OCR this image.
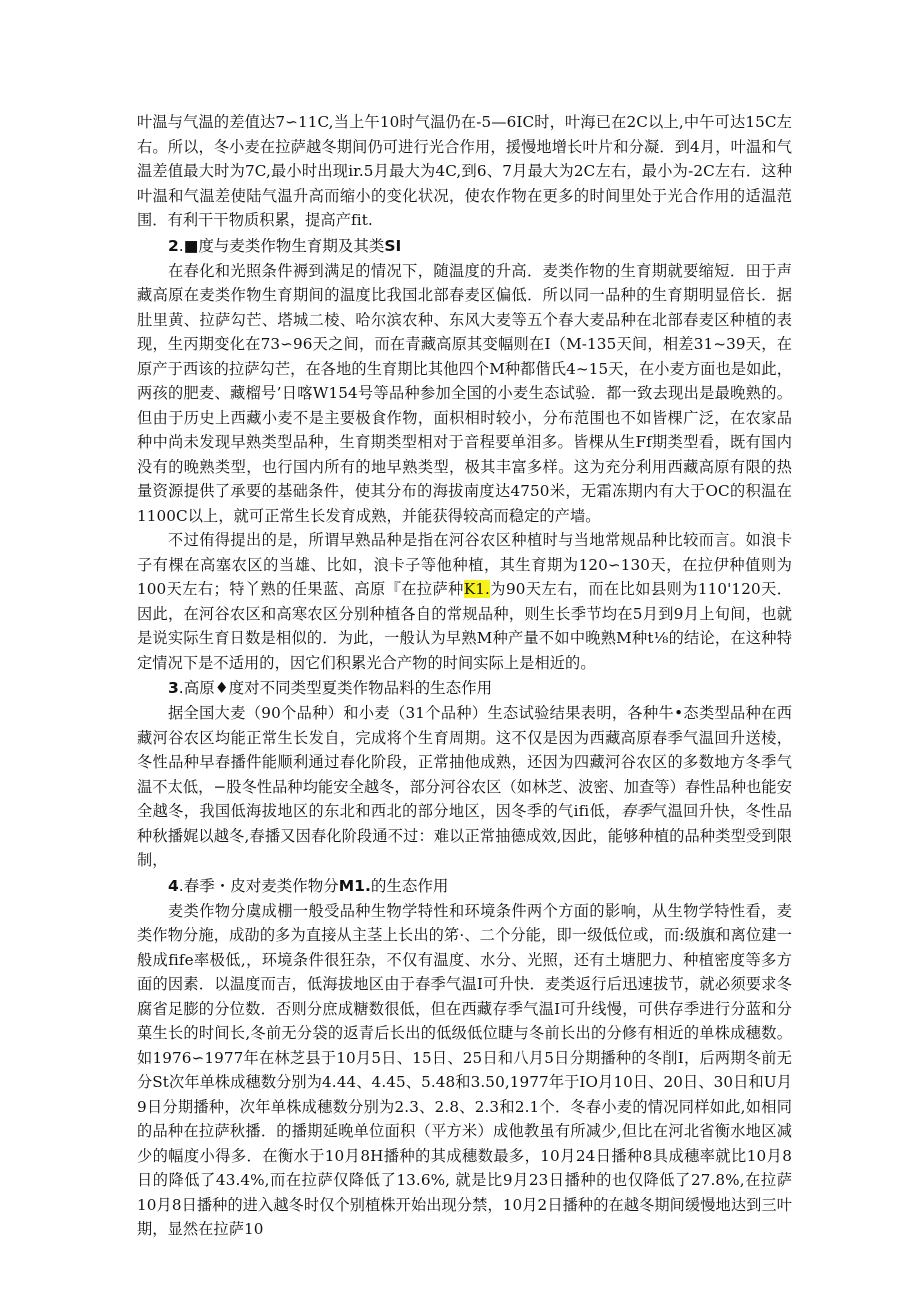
叶温与气温的差值达7∽11C,当上午10时气温仍在-5—6IC时，叶海已在2C以上,中午可达15C左右。所以，冬小麦在拉萨越冬期间仍可进行光合作用，援慢地增长叶片和分凝．到4月，叶温和气温差值最大时为7C,最小时出现ir.5月最大为4C,到6、7月最大为2C左右，最小为-2C左右．这种叶温和气温差使陆气温升高而缩小的变化状况，使农作物在更多的时间里处于光合作用的适温范围．有利干干物质积累，提高产fit.

2.■度与麦类作物生育期及其类SI

在春化和光照条件褥到满足的情况下，随温度的升高．麦类作物的生育期就要缩短．田于声藏高原在麦类作物生育期间的温度比我国北部春麦区偏低．所以同一品种的生育期明显倍长．据肚里黄、拉萨勾芒、塔城二棱、哈尔滨农种、东风大麦等五个春大麦品种在北部春麦区种植的表现，生丙期变化在73∽96天之间，而在青藏高原其变幅则在I（M-135天间，相差31~39天，在原产于西该的拉萨勾芒，在各地的生育期比其他四个M种都偕氏4~15天，在小麦方面也是如此，两孩的肥麦、藏榴号’日喀W154号等品种参加全国的小麦生态试验．都一致去现出是最晚熟的。但由于历史上西藏小麦不是主要极食作物，面枳相时较小，分布范围也不如皆棵广泛，在农家品种中尚未发现早熟类型品种，生育期类型相对于音程要单泪多。皆棵从生Ff期类型看，既有国内没有的晚熟类型，也行国内所有的地早熟类型，极其丰富多样。这为充分利用西藏高原有限的热量资源提供了承要的基础条件，使其分布的海拔南度达4750米，无霜冻期内有大于OC的积温在1100C以上，就可正常生长发育成熟，并能获得较高而稳定的产墙。

不过侑得提出的是，所谓早熟品种是指在河谷农区种植时与当地常规品种比较而言。如浪卡子有棵在高塞农区的当雄、比如，浪卡子等他种植，其生育期为120∽130天，在拉伊种值则为100天左右；特丫熟的任果蓝、高原『在拉萨种K1.为90天左右，而在比如县则为110'120天．因此，在河谷农区和高寒农区分别种植各自的常规品种，则生长季节均在5月到9月上旬间，也就是说实际生育日数是相似的．为此，一般认为早熟M种产量不如中晚熟M种t⅛的结论，在这种特定情况下是不适用的，因它们积累光合产物的时间实际上是相近的。

3.高原♦度对不同类型夏类作物品料的生态作用

据全国大麦（90个品种）和小麦（31个品种）生态试验结果表明，各种牛•态类型品种在西藏河谷农区均能正常生长发自，完成将个生育周期。这不仅是因为西藏高原春季气温回升送棱，冬性品种早春播件能顺利通过春化阶段，正常抽他成熟，还因为四藏河谷农区的多数地方冬季气温不太低，−股冬性品种均能安全越冬，部分河谷农区（如林芝、波密、加查等）春性品种也能安全越冬，我国低海拔地区的东北和西北的部分地区，因冬季的气ifi低，春季气温回升快，冬性品种秋播娓以越冬,春播又因春化阶段通不过：难以正常抽德成效,因此，能够种植的品种类型受到限制，

4.春季・皮对麦类作物分M1.的生态作用

麦类作物分虞成棚一般受品种生物学特性和环境条件两个方面的影响，从生物学特性看，麦类作物分施，成劭的多为直接从主茎上长出的笫·、二个分能，即一级低位或，而:级旗和离位建一般成fife率极低,，环境条件很狂杂，不仅有温度、水分、光照，还有土塘肥力、种植密度等多方面的因素．以温度而吉，低海拔地区由于春季气温I可升快．麦类返行后迅速拔节，就必须要求冬腐省足膨的分位数．否则分庶成糖数很低，但在西藏存季气温I可升线慢，可供存季进行分蓝和分菓生长的时间长,冬前无分袋的返青后长出的低级低位睫与冬前长出的分修有相近的单株成穗数。如1976∽1977年在林芝县于10月5日、15日、25日和八月5日分期播种的冬削I，后两期冬前无分St次年单株成穗数分别为4.44、4.45、5.48和3.50,1977年于IO月10日、20日、30日和U月9日分期播种，次年单株成穗数分别为2.3、2.8、2.3和2.1个．冬春小麦的情况同样如此,如相同的品种在拉萨秋播．的播期延晚单位面积（平方米）成他教虽有所减少,但比在河北省衡水地区减少的幅度小得多．在衡水于10月8H播种的其成穗数最多，10月24日播种8具成穗率就比10月8日的降低了43.4%,而在拉萨仅降低了13.6%, 就是比9月23日播种的也仅降低了27.8%,在拉萨10月8日播种的进入越冬时仅个别植株开始出现分禁，10月2日播种的在越冬期间缓慢地达到三叶期，显然在拉萨10
